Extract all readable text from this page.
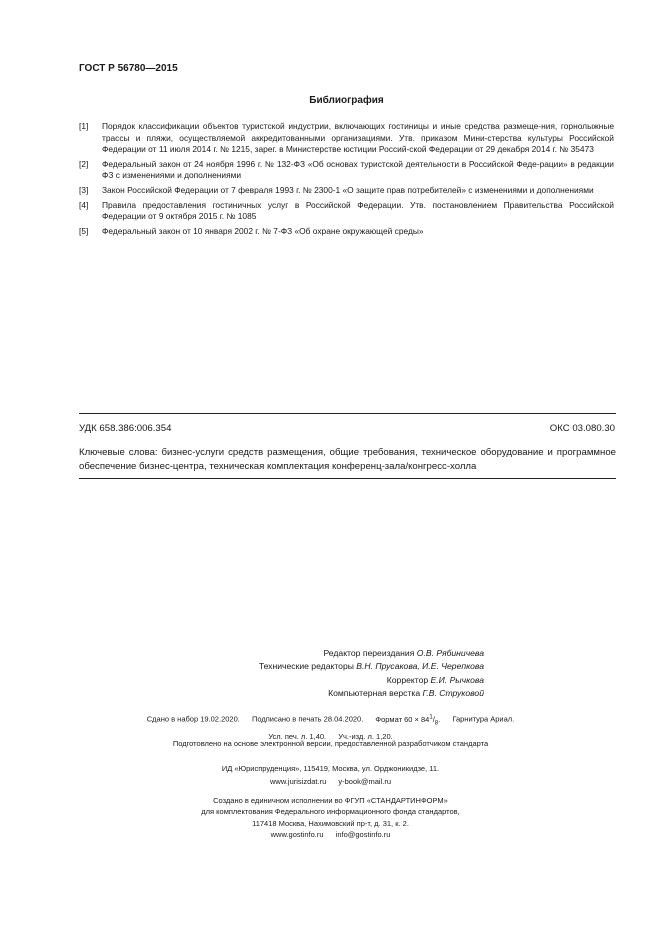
ГОСТ Р 56780—2015
Библиография
[1]	Порядок классификации объектов туристской индустрии, включающих гостиницы и иные средства размеще-ния, горнолыжные трассы и пляжи, осуществляемой аккредитованными организациями. Утв. приказом Мини-стерства культуры Российской Федерации от 11 июля 2014 г. № 1215, зарег. в Министерстве юстиции Россий-ской Федерации от 29 декабря 2014 г. № 35473
[2]	Федеральный закон от 24 ноября 1996 г. № 132-ФЗ «Об основах туристской деятельности в Российской Феде-рации» в редакции ФЗ с изменениями и дополнениями
[3]	Закон Российской Федерации от 7 февраля 1993 г. № 2300-1 «О защите прав потребителей» с изменениями и дополнениями
[4]	Правила предоставления гостиничных услуг в Российской Федерации. Утв. постановлением Правительства Российской Федерации от 9 октября 2015 г. № 1085
[5]	Федеральный закон от 10 января 2002 г. № 7-ФЗ «Об охране окружающей среды»
УДК 658.386:006.354	ОКС 03.080.30
Ключевые слова: бизнес-услуги средств размещения, общие требования, техническое оборудование и программное обеспечение бизнес-центра, техническая комплектация конференц-зала/конгресс-холла
Редактор переиздания О.В. Рябиничева
Технические редакторы В.Н. Прусакова, И.Е. Черепкова
Корректор Е.И. Рычкова
Компьютерная верстка Г.В. Струковой
Сдано в набор 19.02.2020. Подписано в печать 28.04.2020. Формат $60 \times 84^1/_8$. Гарнитура Ариал.
Усл. печ. л. 1,40. Уч.-изд. л. 1,20.
Подготовлено на основе электронной версии, предоставленной разработчиком стандарта
ИД «Юриспруденция», 115419, Москва, ул. Орджоникидзе, 11.
www.jurisizdat.ru y-book@mail.ru
Создано в единичном исполнении во ФГУП «СТАНДАРТИНФОРМ»
для комплектования Федерального информационного фонда стандартов,
117418 Москва, Нахимовский пр-т, д. 31, к. 2.
www.gostinfo.ru info@gostinfo.ru
